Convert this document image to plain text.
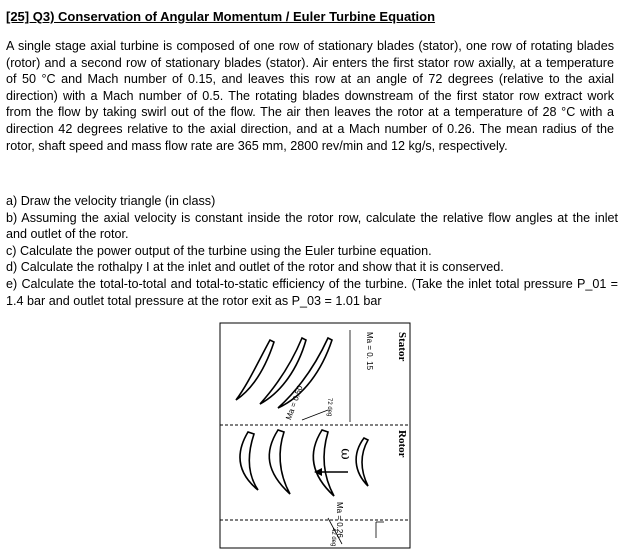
[25] Q3) Conservation of Angular Momentum / Euler Turbine Equation
A single stage axial turbine is composed of one row of stationary blades (stator), one row of rotating blades (rotor) and a second row of stationary blades (stator). Air enters the first stator row axially, at a temperature of 50 °C and Mach number of 0.15, and leaves this row at an angle of 72 degrees (relative to the axial direction) with a Mach number of 0.5. The rotating blades downstream of the first stator row extract work from the flow by taking swirl out of the flow. The air then leaves the rotor at a temperature of 28 °C with a direction 42 degrees relative to the axial direction, and at a Mach number of 0.26. The mean radius of the rotor, shaft speed and mass flow rate are 365 mm, 2800 rev/min and 12 kg/s, respectively.
a) Draw the velocity triangle (in class)
b) Assuming the axial velocity is constant inside the rotor row, calculate the relative flow angles at the inlet and outlet of the rotor.
c) Calculate the power output of the turbine using the Euler turbine equation.
d) Calculate the rothalpy I at the inlet and outlet of the rotor and show that it is conserved.
e) Calculate the total-to-total and total-to-static efficiency of the turbine. (Take the inlet total pressure P_01 = 1.4 bar and outlet total pressure at the rotor exit as P_03 = 1.01 bar
Stator
Rotor
Ma = 0. 15
Ma = 0.50	72 deg
Ma = 0.26
42 deg
ω
